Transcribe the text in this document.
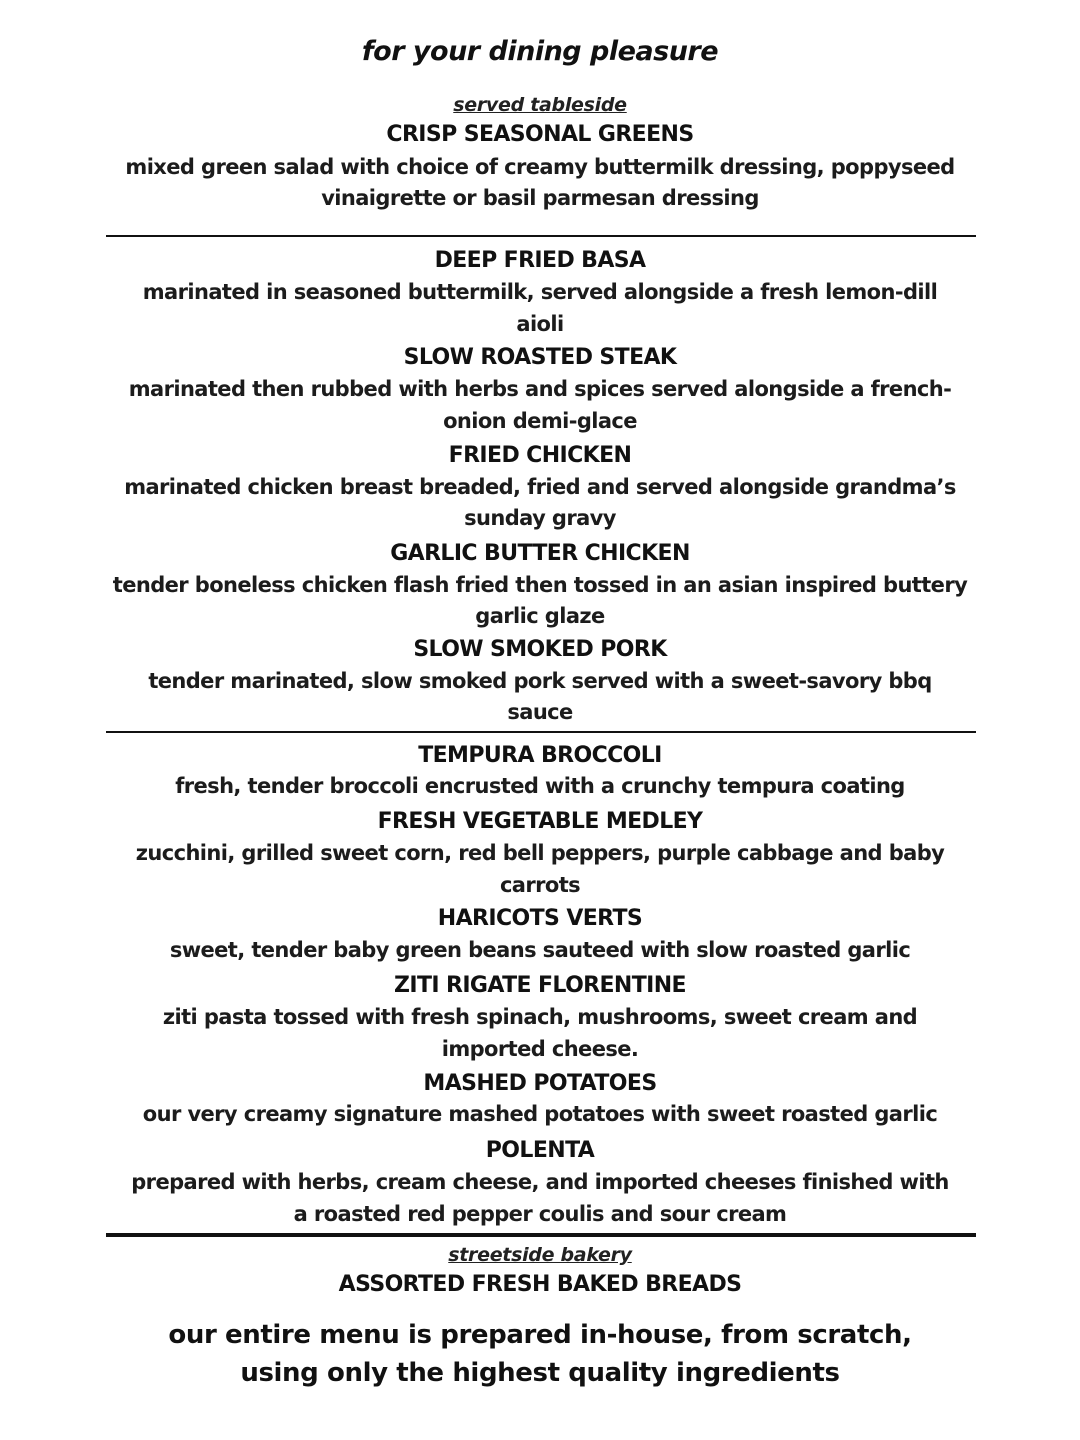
for your dining pleasure
served tableside
CRISP SEASONAL GREENS
mixed green salad with choice of creamy buttermilk dressing, poppyseed
vinaigrette or basil parmesan dressing
DEEP FRIED BASA
marinated in seasoned buttermilk, served alongside a fresh lemon-dill
aioli
SLOW ROASTED STEAK
marinated then rubbed with herbs and spices served alongside a french-
onion demi-glace
FRIED CHICKEN
marinated chicken breast breaded, fried and served alongside grandma’s
sunday gravy
GARLIC BUTTER CHICKEN
tender boneless chicken flash fried then tossed in an asian inspired buttery
garlic glaze
SLOW SMOKED PORK
tender marinated, slow smoked pork served with a sweet-savory bbq
sauce
TEMPURA BROCCOLI
fresh, tender broccoli encrusted with a crunchy tempura coating
FRESH VEGETABLE MEDLEY
zucchini, grilled sweet corn, red bell peppers, purple cabbage and baby
carrots
HARICOTS VERTS
sweet, tender baby green beans sauteed with slow roasted garlic
ZITI RIGATE FLORENTINE
ziti pasta tossed with fresh spinach, mushrooms, sweet cream and
imported cheese.
MASHED POTATOES
our very creamy signature mashed potatoes with sweet roasted garlic
POLENTA
prepared with herbs, cream cheese, and imported cheeses finished with
a roasted red pepper coulis and sour cream
streetside bakery
ASSORTED FRESH BAKED BREADS
our entire menu is prepared in-house, from scratch,
using only the highest quality ingredients
